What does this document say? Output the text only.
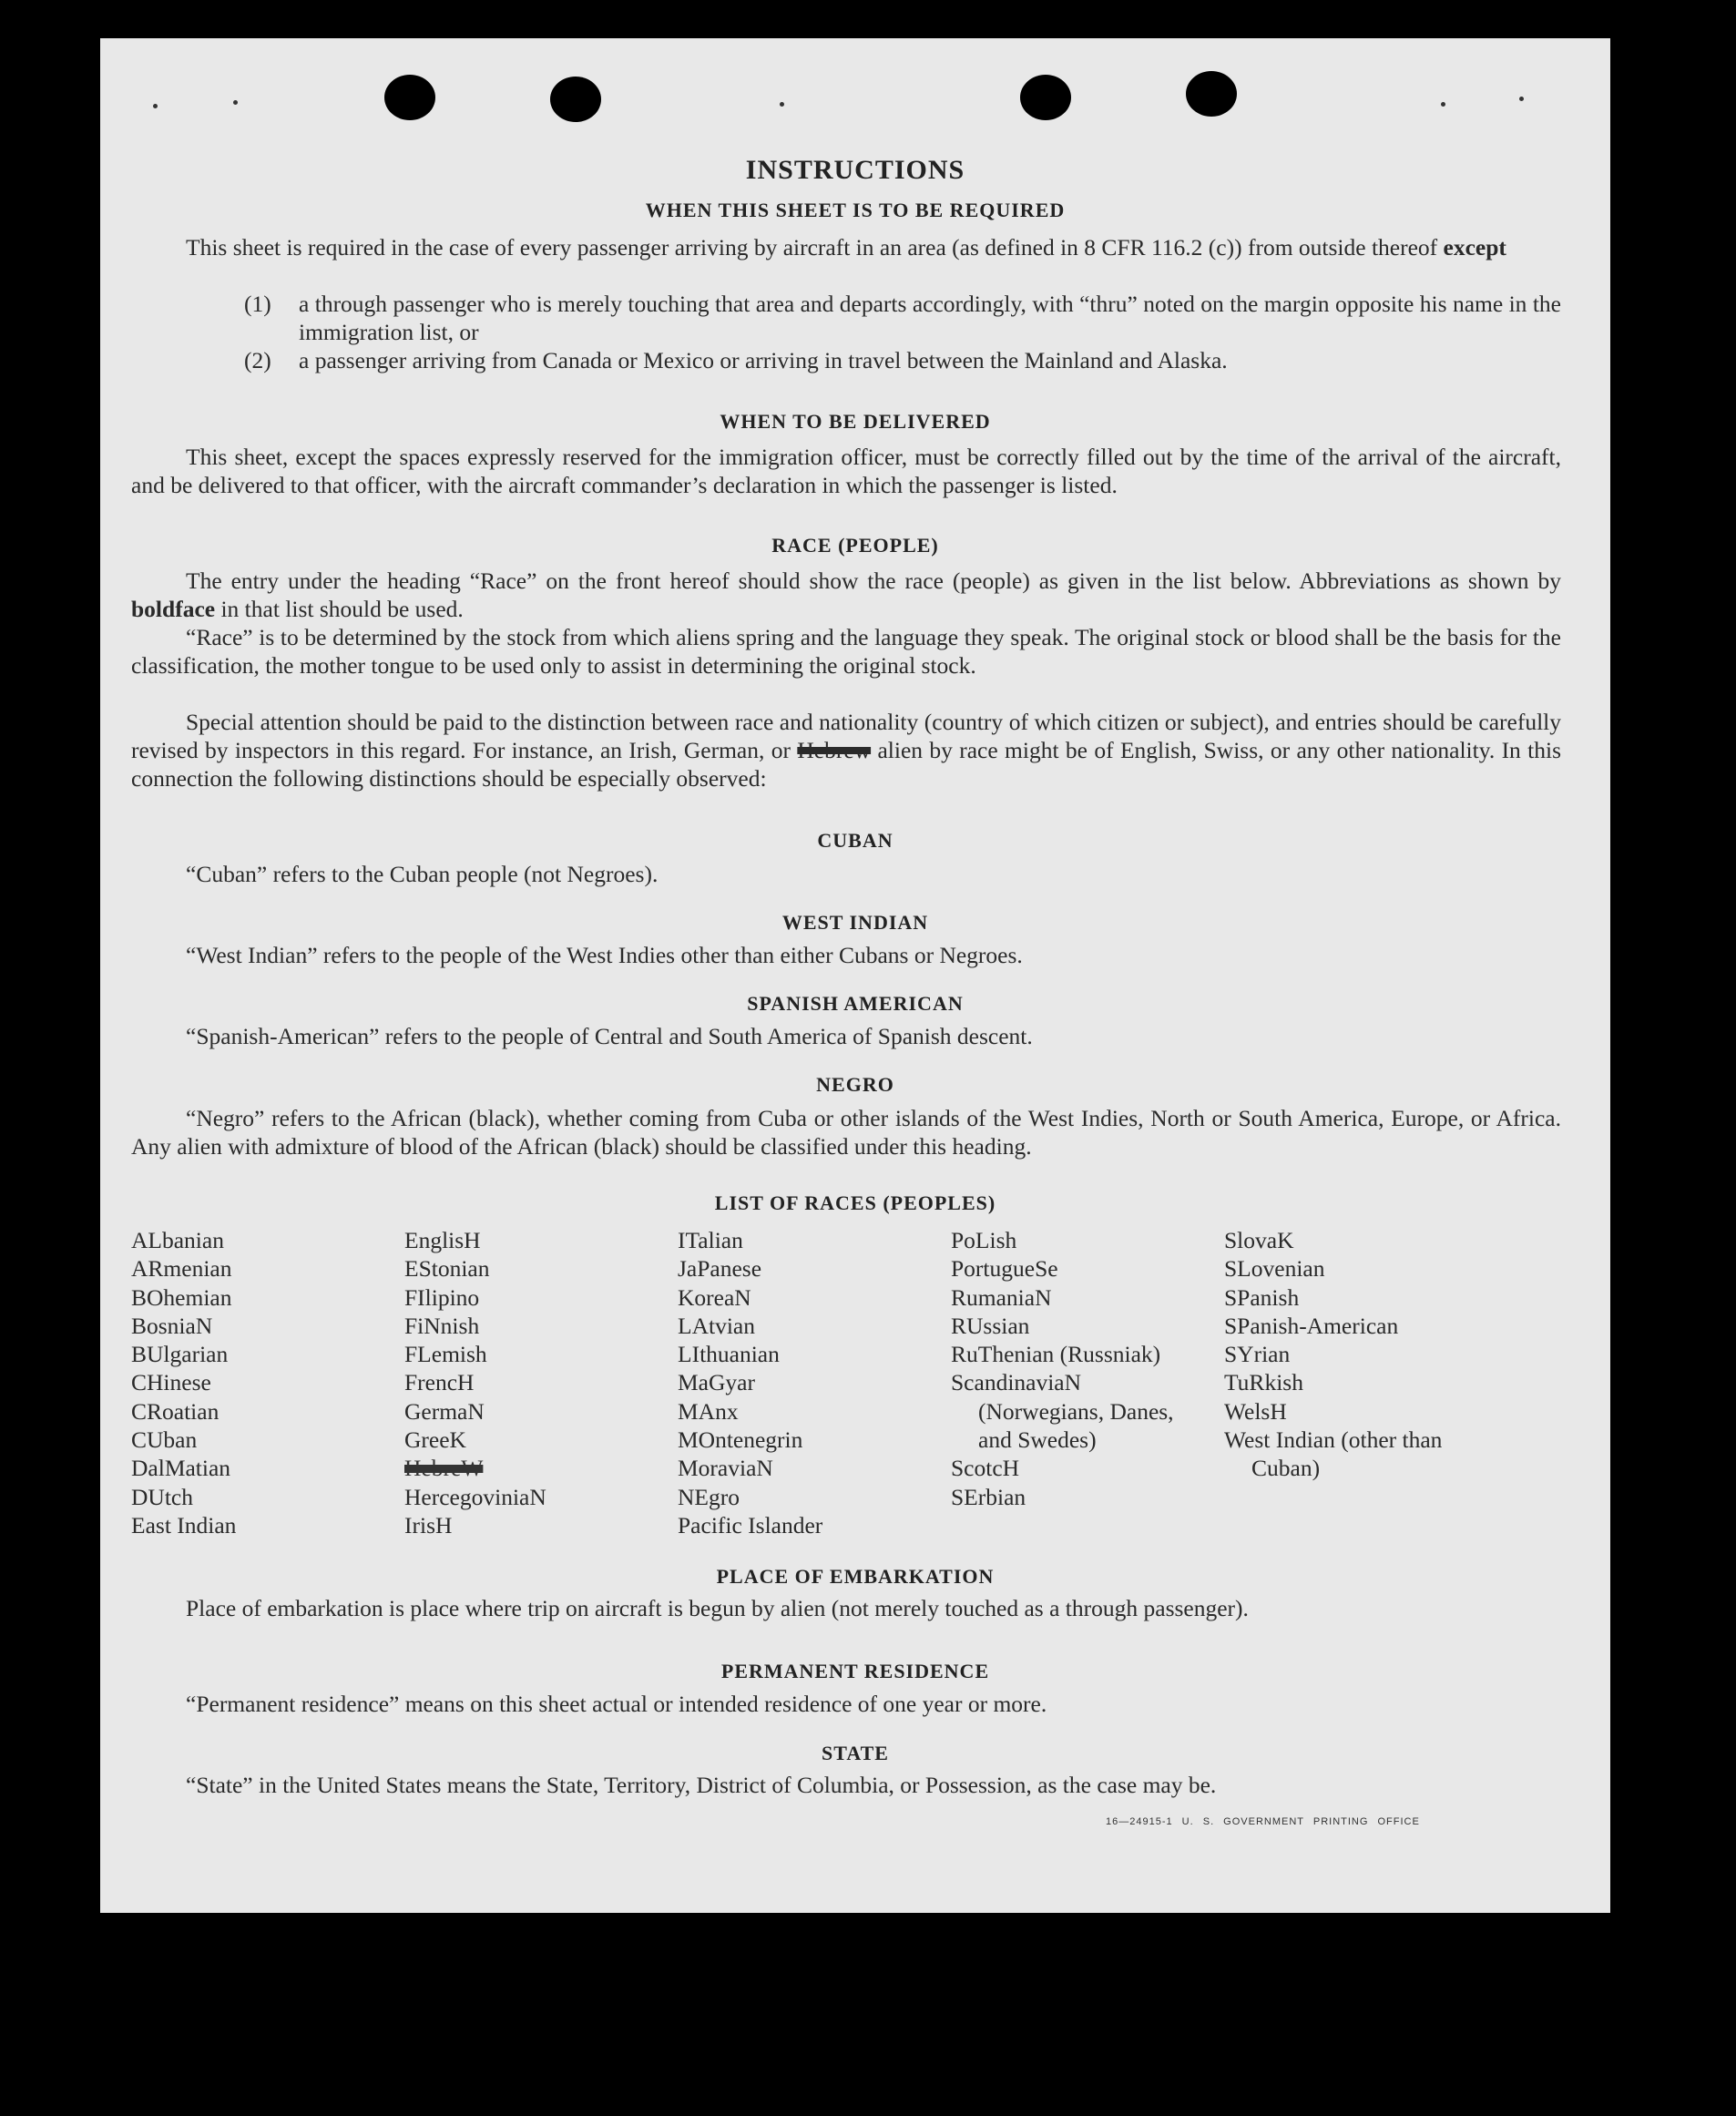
INSTRUCTIONS
WHEN THIS SHEET IS TO BE REQUIRED

This sheet is required in the case of every passenger arriving by aircraft in an area (as defined in 8 CFR 116.2 (c)) from outside thereof except

(1) a through passenger who is merely touching that area and departs accordingly, with “thru” noted on the margin opposite his name in the immigration list, or

(2) a passenger arriving from Canada or Mexico or arriving in travel between the Mainland and Alaska.

WHEN TO BE DELIVERED

This sheet, except the spaces expressly reserved for the immigration officer, must be correctly filled out by the time of the arrival of the aircraft, and be delivered to that officer, with the aircraft commander’s declaration in which the passenger is listed.

RACE (PEOPLE)

The entry under the heading “Race” on the front hereof should show the race (people) as given in the list below. Abbreviations as shown by boldface in that list should be used.

“Race” is to be determined by the stock from which aliens spring and the language they speak. The original stock or blood shall be the basis for the classification, the mother tongue to be used only to assist in determining the original stock.

Special attention should be paid to the distinction between race and nationality (country of which citizen or subject), and entries should be carefully revised by inspectors in this regard. For instance, an Irish, German, or Hebrew alien by race might be of English, Swiss, or any other nationality. In this connection the following distinctions should be especially observed:

CUBAN

“Cuban” refers to the Cuban people (not Negroes).

WEST INDIAN

“West Indian” refers to the people of the West Indies other than either Cubans or Negroes.

SPANISH AMERICAN

“Spanish-American” refers to the people of Central and South America of Spanish descent.

NEGRO

“Negro” refers to the African (black), whether coming from Cuba or other islands of the West Indies, North or South America, Europe, or Africa. Any alien with admixture of blood of the African (black) should be classified under this heading.

LIST OF RACES (PEOPLES)
ALbanian
ARmenian
BOhemian
BosniaN
BUlgarian
CHinese
CRoatian
CUban
DalMatian
DUtch
East Indian
EnglisH
EStonian
FIlipino
FiNnish
FLemish
FrencH
GermaN
GreeK
HebreW
HercegoviniaN
IrisH
ITalian
JaPanese
KoreaN
LAtvian
LIthuanian
MaGyar
MAnx
MOntenegrin
MoraviaN
NEgro
Pacific Islander
PoLish
PortugueSe
RumaniaN
RUssian
RuThenian (Russniak)
ScandinaviaN (Norwegians, Danes, and Swedes)
ScotcH
SErbian
SlovaK
SLovenian
SPanish
SPanish-American
SYrian
TuRkish
WelsH
West Indian (other than Cuban)
PLACE OF EMBARKATION

Place of embarkation is place where trip on aircraft is begun by alien (not merely touched as a through passenger).

PERMANENT RESIDENCE

“Permanent residence” means on this sheet actual or intended residence of one year or more.

STATE

“State” in the United States means the State, Territory, District of Columbia, or Possession, as the case may be.

16—24915-1 U. S. GOVERNMENT PRINTING OFFICE
